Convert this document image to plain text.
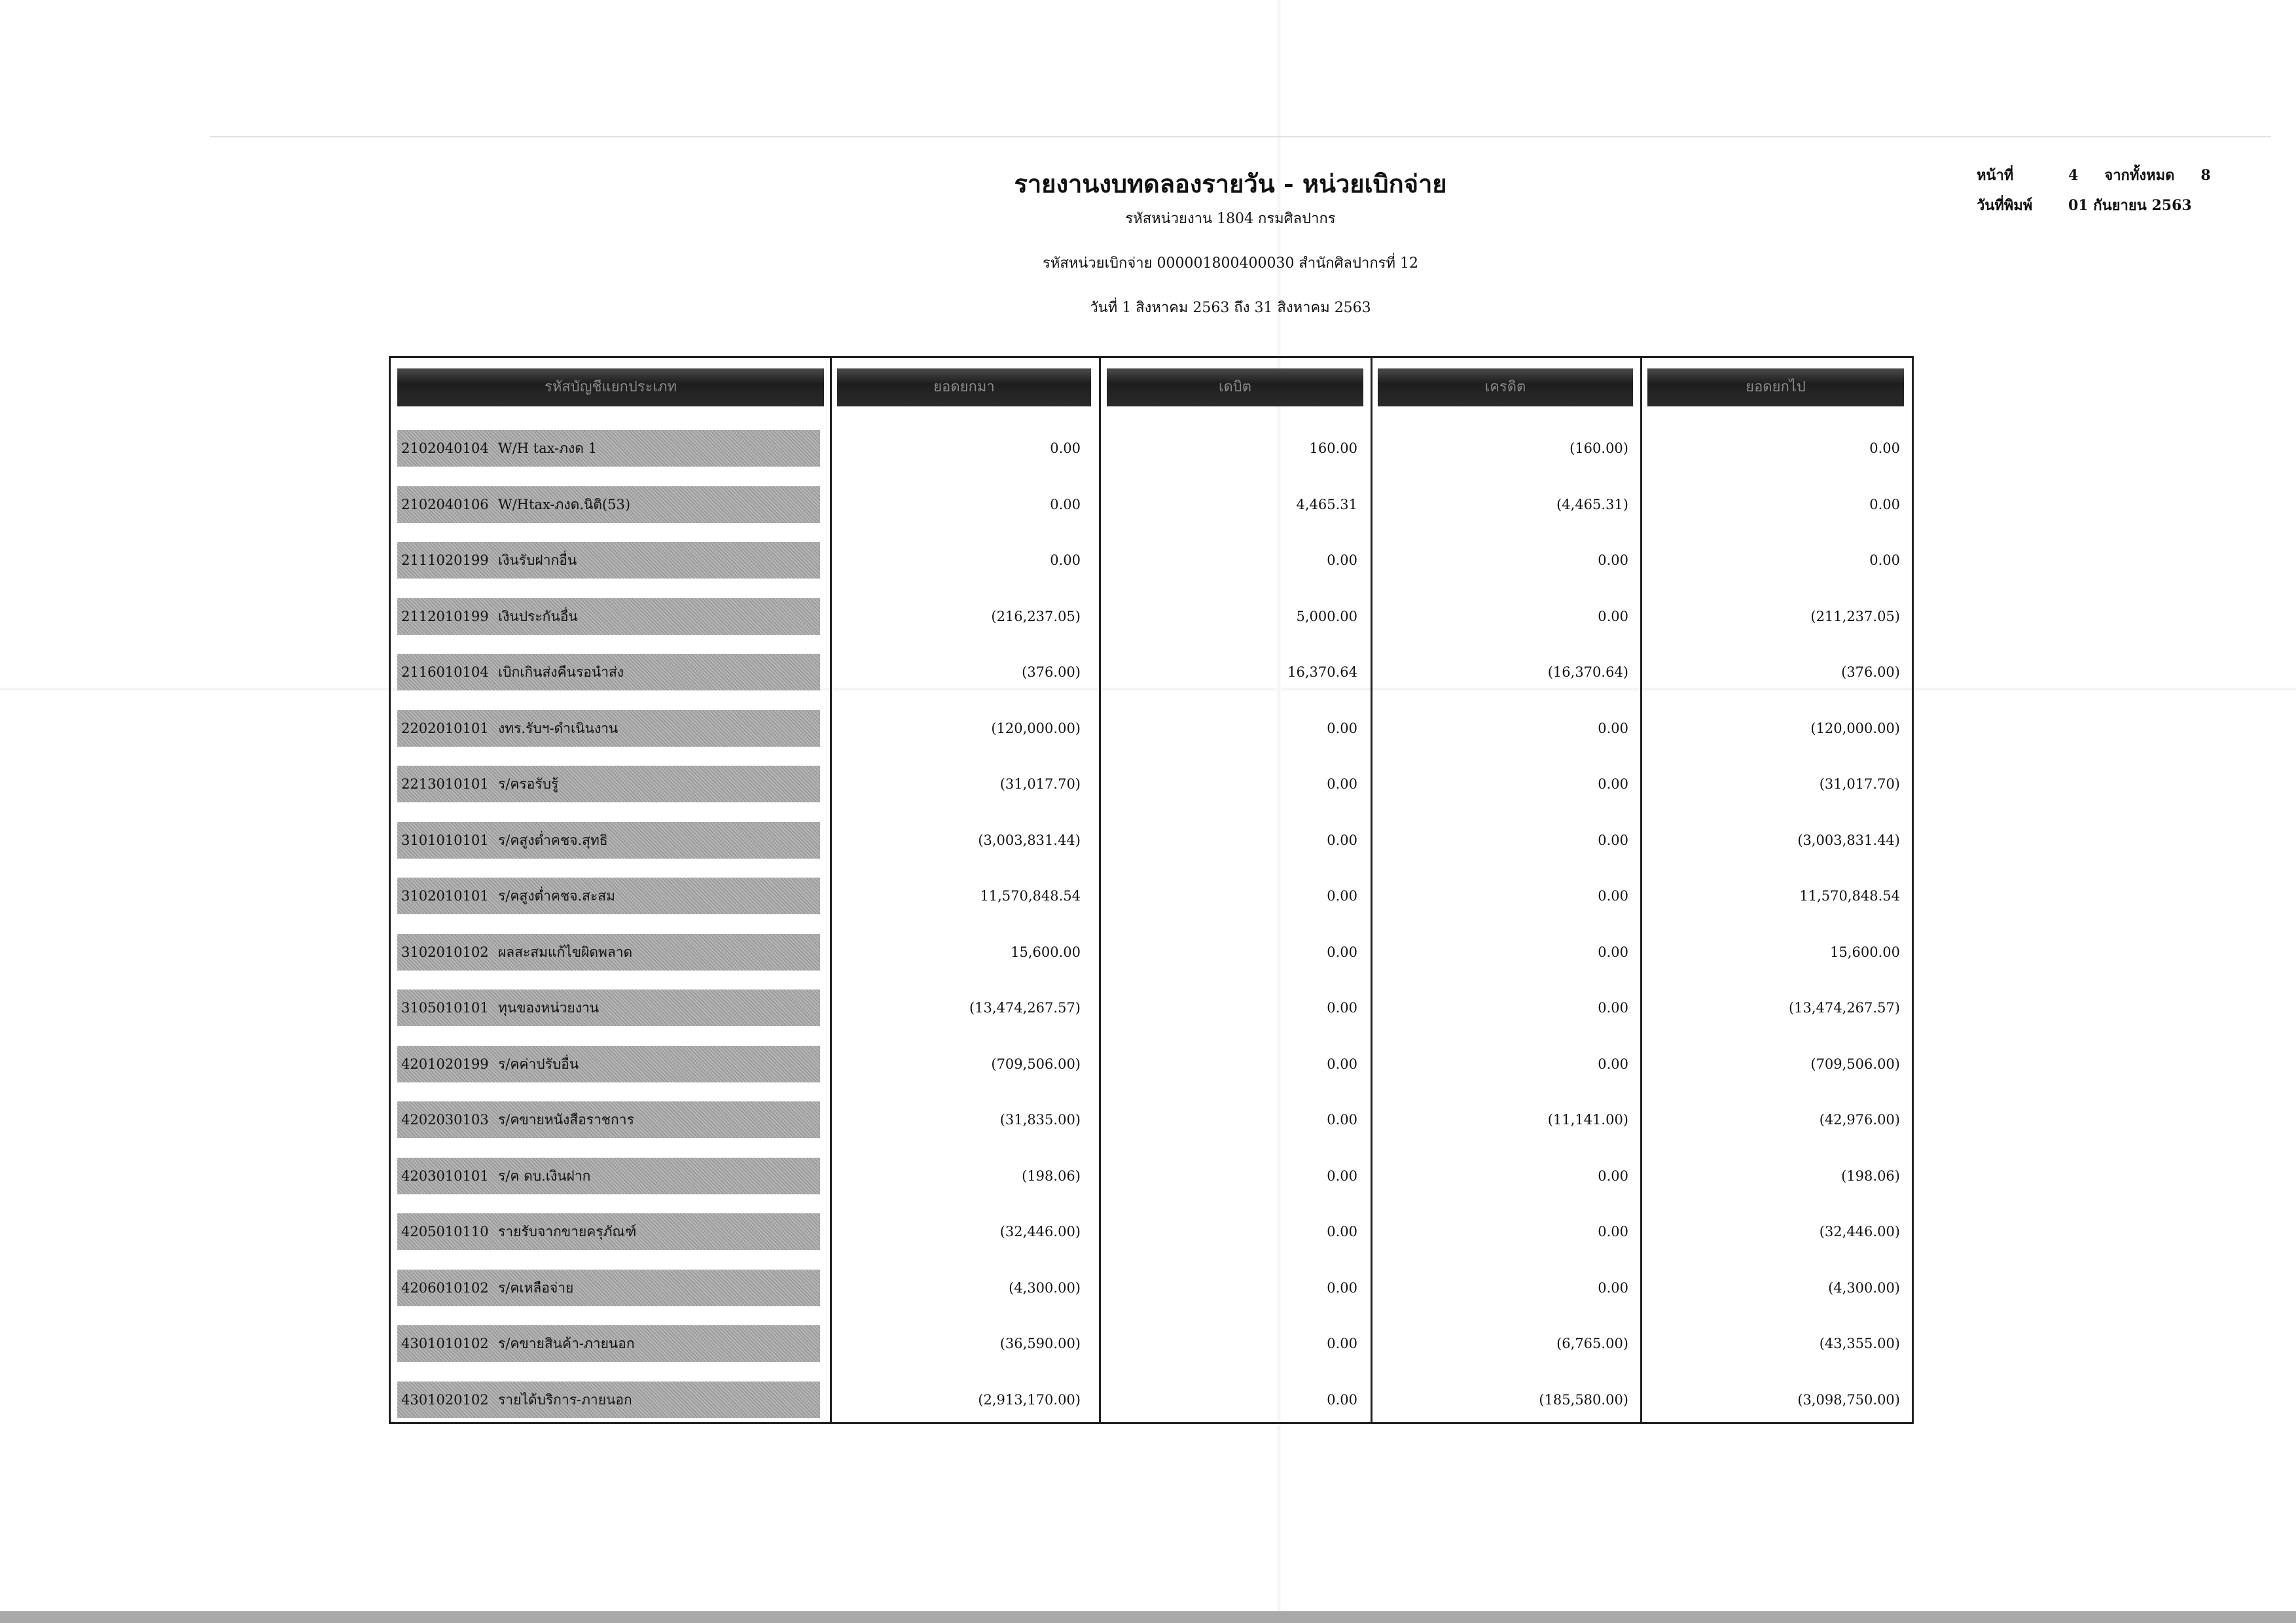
รายงานงบทดลองรายวัน - หน่วยเบิกจ่าย
รหัสหน่วยงาน 1804 กรมศิลปากร
รหัสหน่วยเบิกจ่าย 000001800400030 สำนักศิลปากรที่ 12
วันที่ 1 สิงหาคม 2563 ถึง 31 สิงหาคม 2563
หน้าที่	4 จากทั้งหมด 8
วันที่พิมพ์ 01 กันยายน 2563
รหัสบัญชีแยกประเภท	ยอดยกมา	เดบิต	เครดิต	ยอดยกไป
2102040104 W/H tax-ภงด 1	0.00	160.00	(160.00)	0.00
2102040106 W/Htax-ภงด.นิติ(53)	0.00	4,465.31	(4,465.31)	0.00
2111020199 เงินรับฝากอื่น	0.00	0.00	0.00	0.00
2112010199 เงินประกันอื่น	(216,237.05)	5,000.00	0.00	(211,237.05)
2116010104 เบิกเกินส่งคืนรอนำส่ง	(376.00)	16,370.64	(16,370.64)	(376.00)
2202010101 งทร.รับฯ-ดำเนินงาน	(120,000.00)	0.00	0.00	(120,000.00)
2213010101 ร/ครอรับรู้	(31,017.70)	0.00	0.00	(31,017.70)
3101010101 ร/คสูงต่ำคชจ.สุทธิ	(3,003,831.44)	0.00	0.00	(3,003,831.44)
3102010101 ร/คสูงต่ำคชจ.สะสม	11,570,848.54	0.00	0.00	11,570,848.54
3102010102 ผลสะสมแก้ไขผิดพลาด	15,600.00	0.00	0.00	15,600.00
3105010101 ทุนของหน่วยงาน	(13,474,267.57)	0.00	0.00	(13,474,267.57)
4201020199 ร/คค่าปรับอื่น	(709,506.00)	0.00	0.00	(709,506.00)
4202030103 ร/คขายหนังสือราชการ	(31,835.00)	0.00	(11,141.00)	(42,976.00)
4203010101 ร/ค ดบ.เงินฝาก	(198.06)	0.00	0.00	(198.06)
4205010110 รายรับจากขายครุภัณฑ์	(32,446.00)	0.00	0.00	(32,446.00)
4206010102 ร/คเหลือจ่าย	(4,300.00)	0.00	0.00	(4,300.00)
4301010102 ร/คขายสินค้า-ภายนอก	(36,590.00)	0.00	(6,765.00)	(43,355.00)
4301020102 รายได้บริการ-ภายนอก	(2,913,170.00)	0.00	(185,580.00)	(3,098,750.00)
